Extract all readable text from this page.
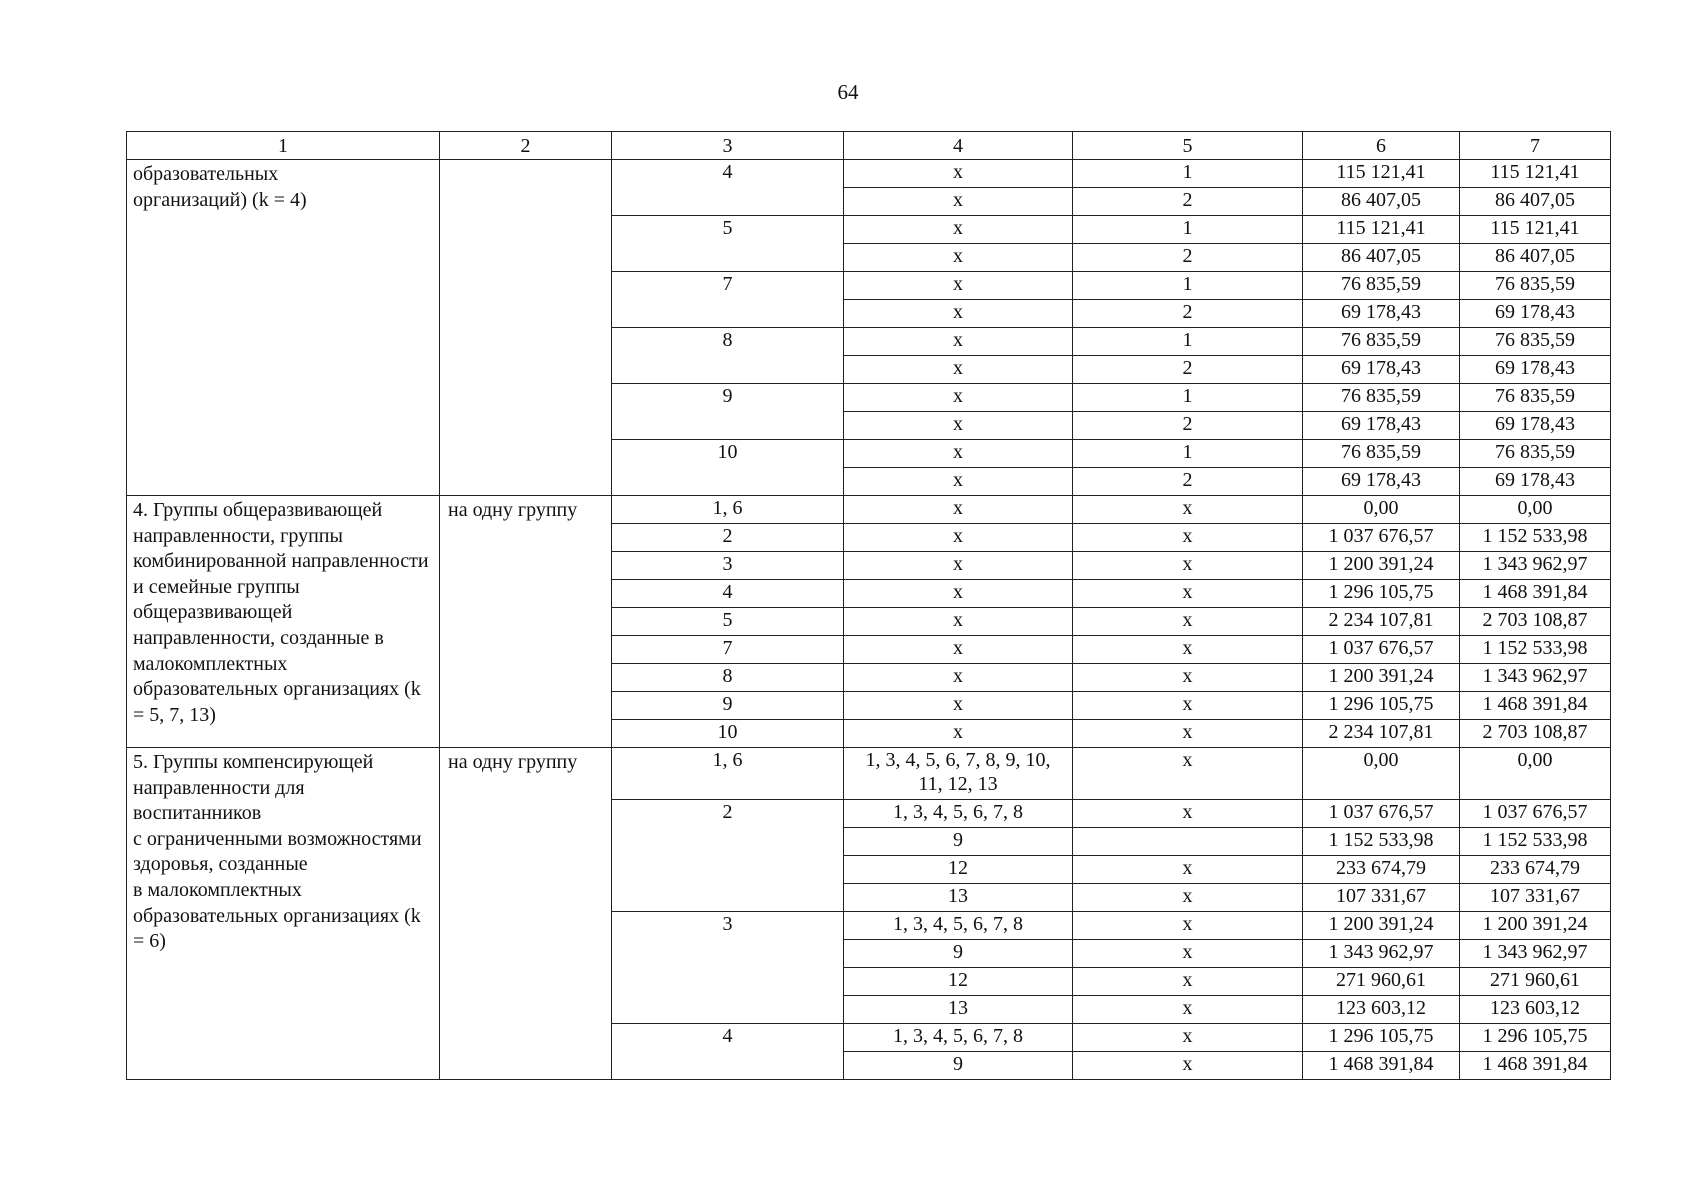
64
1	2	3	4	5	6	7
образовательных
организаций) (k = 4)		4	x	1	115 121,41	115 121,41
			x	2	86 407,05	86 407,05
		5	x	1	115 121,41	115 121,41
			x	2	86 407,05	86 407,05
		7	x	1	76 835,59	76 835,59
			x	2	69 178,43	69 178,43
		8	x	1	76 835,59	76 835,59
			x	2	69 178,43	69 178,43
		9	x	1	76 835,59	76 835,59
			x	2	69 178,43	69 178,43
		10	x	1	76 835,59	76 835,59
			x	2	69 178,43	69 178,43
4. Группы общеразвивающей направленности, группы комбинированной направленности и семейные группы общеразвивающей направленности, созданные в малокомплектных образовательных организациях (k = 5, 7, 13)	на одну группу	1, 6	x	x	0,00	0,00
		2	x	x	1 037 676,57	1 152 533,98
		3	x	x	1 200 391,24	1 343 962,97
		4	x	x	1 296 105,75	1 468 391,84
		5	x	x	2 234 107,81	2 703 108,87
		7	x	x	1 037 676,57	1 152 533,98
		8	x	x	1 200 391,24	1 343 962,97
		9	x	x	1 296 105,75	1 468 391,84
		10	x	x	2 234 107,81	2 703 108,87
5. Группы компенсирующей направленности для воспитанников
с ограниченными возможностями здоровья, созданные
в малокомплектных образовательных организациях (k = 6)	на одну группу	1, 6	1, 3, 4, 5, 6, 7, 8, 9, 10,
11, 12, 13	x	0,00	0,00
		2	1, 3, 4, 5, 6, 7, 8	x	1 037 676,57	1 037 676,57
			9		1 152 533,98	1 152 533,98
			12	x	233 674,79	233 674,79
			13	x	107 331,67	107 331,67
		3	1, 3, 4, 5, 6, 7, 8	x	1 200 391,24	1 200 391,24
			9	x	1 343 962,97	1 343 962,97
			12	x	271 960,61	271 960,61
			13	x	123 603,12	123 603,12
		4	1, 3, 4, 5, 6, 7, 8	x	1 296 105,75	1 296 105,75
			9	x	1 468 391,84	1 468 391,84
